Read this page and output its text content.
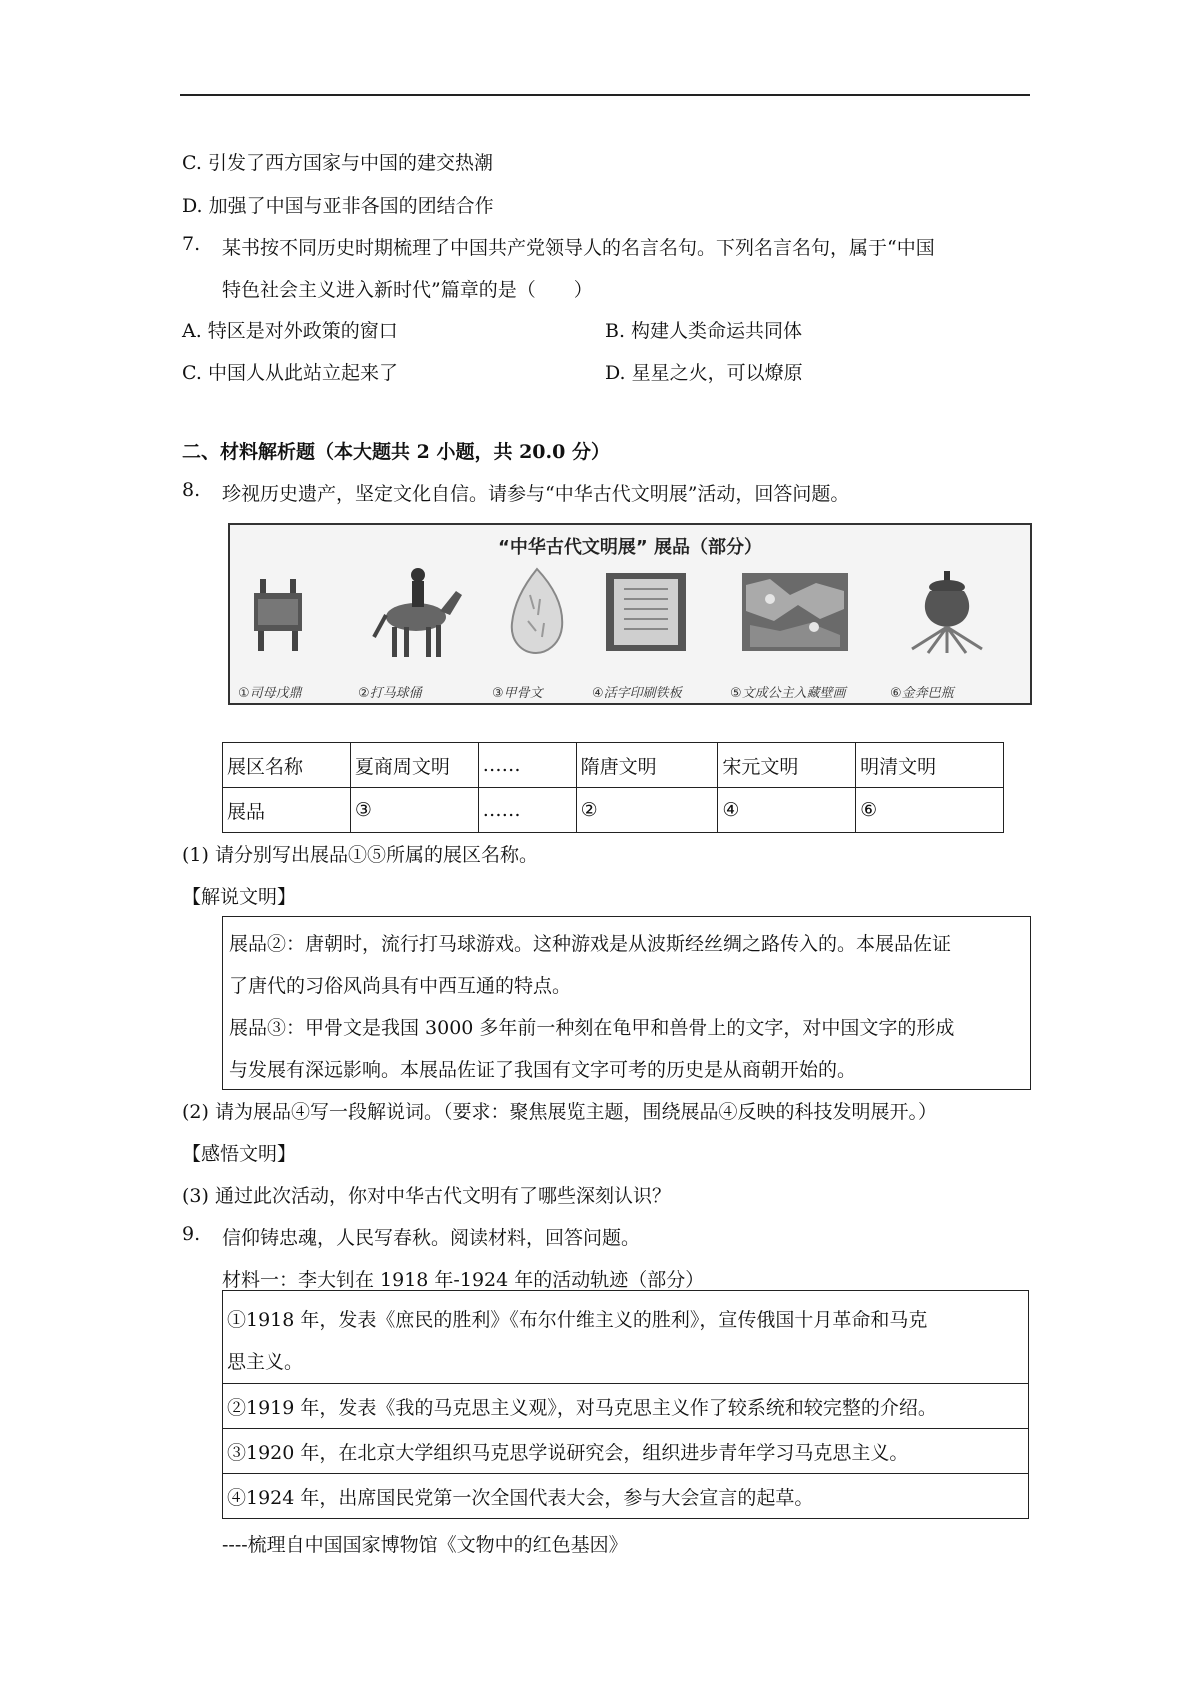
C. 引发了西方国家与中国的建交热潮
D. 加强了中国与亚非各国的团结合作
7. 某书按不同历史时期梳理了中国共产党领导人的名言名句。下列名言名句，属于“中国
特色社会主义进入新时代”篇章的是（　　）
A. 特区是对外政策的窗口	B. 构建人类命运共同体
C. 中国人从此站立起来了	D. 星星之火，可以燎原
二、材料解析题（本大题共 2 小题，共 20.0 分）
8. 珍视历史遗产，坚定文化自信。请参与“中华古代文明展”活动，回答问题。
“中华古代文明展” 展品（部分）
①司母戊鼎	②打马球俑	③甲骨文	④活字印刷铁板	⑤文成公主入藏壁画	⑥金奔巴瓶
展区名称	夏商周文明	……	隋唐文明	宋元文明	明清文明
展品	③	……	②	④	⑥
(1) 请分别写出展品①⑤所属的展区名称。
【解说文明】
展品②：唐朝时，流行打马球游戏。这种游戏是从波斯经丝绸之路传入的。本展品佐证
了唐代的习俗风尚具有中西互通的特点。
展品③：甲骨文是我国 3000 多年前一种刻在龟甲和兽骨上的文字，对中国文字的形成
与发展有深远影响。本展品佐证了我国有文字可考的历史是从商朝开始的。
(2) 请为展品④写一段解说词。（要求：聚焦展览主题，围绕展品④反映的科技发明展开。）
【感悟文明】
(3) 通过此次活动，你对中华古代文明有了哪些深刻认识？
9. 信仰铸忠魂，人民写春秋。阅读材料，回答问题。
材料一：李大钊在 1918 年-1924 年的活动轨迹（部分）
①1918 年，发表《庶民的胜利》《布尔什维主义的胜利》，宣传俄国十月革命和马克
思主义。

②1919 年，发表《我的马克思主义观》，对马克思主义作了较系统和较完整的介绍。
③1920 年，在北京大学组织马克思学说研究会，组织进步青年学习马克思主义。
④1924 年，出席国民党第一次全国代表大会，参与大会宣言的起草。
----梳理自中国国家博物馆《文物中的红色基因》
